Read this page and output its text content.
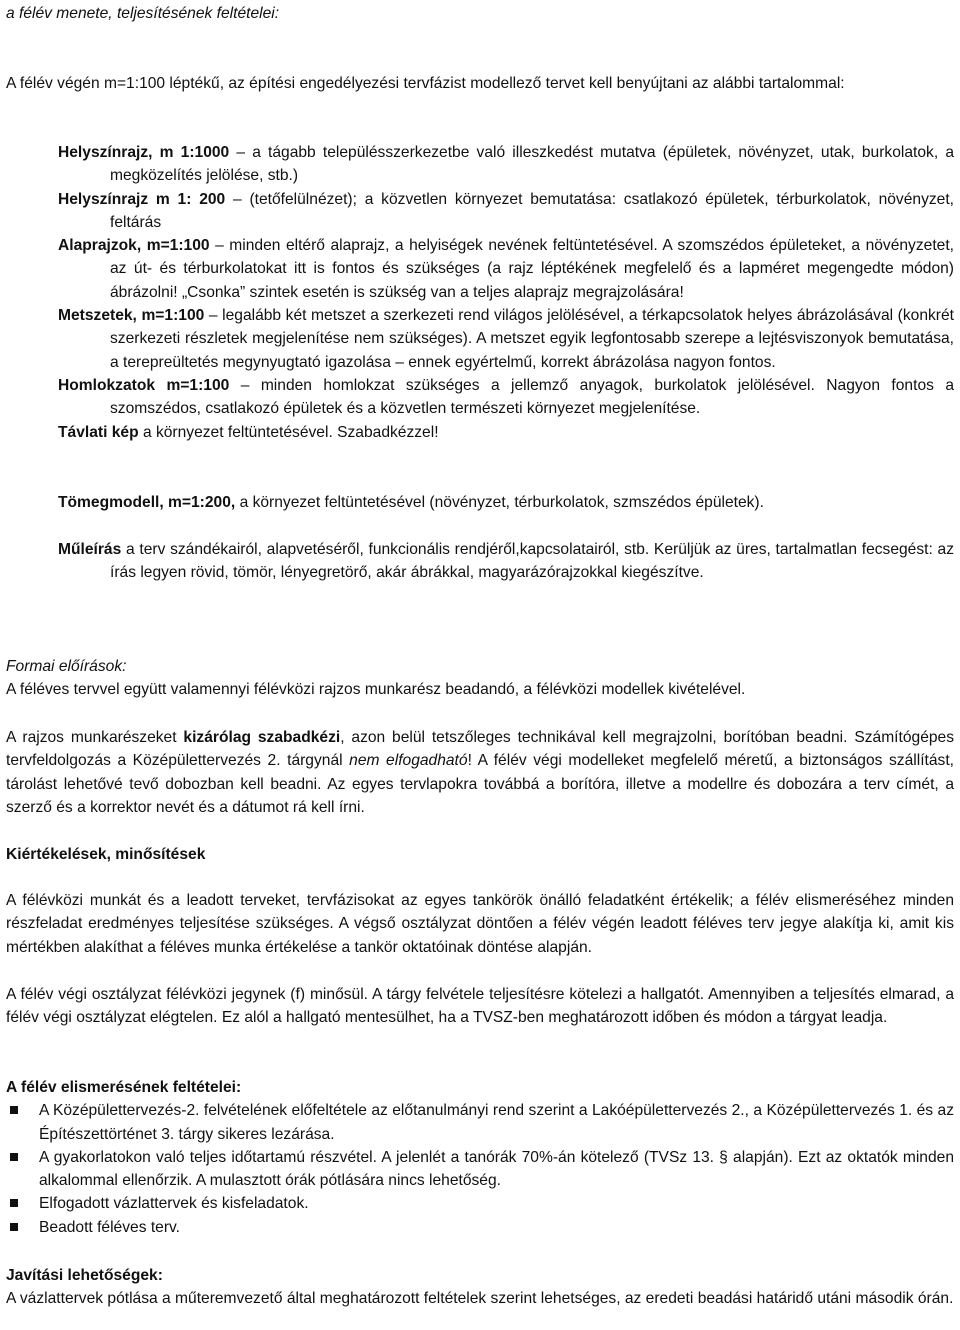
a félév menete, teljesítésének feltételei:

A félév végén m=1:100 léptékű, az építési engedélyezési tervfázist modellező tervet kell benyújtani az alábbi tartalommal:

Helyszínrajz, m 1:1000 – a tágabb településszerkezetbe való illeszkedést mutatva (épületek, növényzet, utak, burkolatok, a megközelítés jelölése, stb.)

Helyszínrajz m 1: 200 – (tetőfelülnézet); a közvetlen környezet bemutatása: csatlakozó épületek, térburkolatok, növényzet, feltárás

Alaprajzok, m=1:100 – minden eltérő alaprajz, a helyiségek nevének feltüntetésével. A szomszédos épületeket, a növényzetet, az út- és térburkolatokat itt is fontos és szükséges (a rajz léptékének megfelelő és a lapméret megengedte módon) ábrázolni! „Csonka” szintek esetén is szükség van a teljes alaprajz megrajzolására!

Metszetek, m=1:100 – legalább két metszet a szerkezeti rend világos jelölésével, a térkapcsolatok helyes ábrázolásával (konkrét szerkezeti részletek megjelenítése nem szükséges). A metszet egyik legfontosabb szerepe a lejtésviszonyok bemutatása, a terepreültetés megynyugtató igazolása – ennek egyértelmű, korrekt ábrázolása nagyon fontos.

Homlokzatok m=1:100 – minden homlokzat szükséges a jellemző anyagok, burkolatok jelölésével. Nagyon fontos a szomszédos, csatlakozó épületek és a közvetlen természeti környezet megjelenítése.

Távlati kép a környezet feltüntetésével. Szabadkézzel!

Tömegmodell, m=1:200, a környezet feltüntetésével (növényzet, térburkolatok, szmszédos épületek).

Műleírás a terv szándékairól, alapvetéséről, funkcionális rendjéről,kapcsolatairól, stb. Kerüljük az üres, tartalmatlan fecsegést: az írás legyen rövid, tömör, lényegretörő, akár ábrákkal, magyarázórajzokkal kiegészítve.

Formai előírások:

A féléves tervvel együtt valamennyi félévközi rajzos munkarész beadandó, a félévközi modellek kivételével.

A rajzos munkarészeket kizárólag szabadkézi, azon belül tetszőleges technikával kell megrajzolni, borítóban beadni. Számítógépes tervfeldolgozás a Középülettervezés 2. tárgynál nem elfogadható! A félév végi modelleket megfelelő méretű, a biztonságos szállítást, tárolást lehetővé tevő dobozban kell beadni. Az egyes tervlapokra továbbá a borítóra, illetve a modellre és dobozára a terv címét, a szerző és a korrektor nevét és a dátumot rá kell írni.

Kiértékelések, minősítések

A félévközi munkát és a leadott terveket, tervfázisokat az egyes tankörök önálló feladatként értékelik; a félév elismeréséhez minden részfeladat eredményes teljesítése szükséges. A végső osztályzat döntően a félév végén leadott féléves terv jegye alakítja ki, amit kis mértékben alakíthat a féléves munka értékelése a tankör oktatóinak döntése alapján.

A félév végi osztályzat félévközi jegynek (f) minősül. A tárgy felvétele teljesítésre kötelezi a hallgatót. Amennyiben a teljesítés elmarad, a félév végi osztályzat elégtelen. Ez alól a hallgató mentesülhet, ha a TVSZ-ben meghatározott időben és módon a tárgyat leadja.

A félév elismerésének feltételei:

A Középülettervezés-2. felvételének előfeltétele az előtanulmányi rend szerint a Lakóépülettervezés 2., a Középülettervezés 1. és az Építészettörténet 3. tárgy sikeres lezárása.
A gyakorlatokon való teljes időtartamú részvétel. A jelenlét a tanórák 70%-án kötelező (TVSz 13. § alapján). Ezt az oktatók minden alkalommal ellenőrzik. A mulasztott órák pótlására nincs lehetőség.
Elfogadott vázlattervek és kisfeladatok.
Beadott féléves terv.

Javítási lehetőségek:

A vázlattervek pótlása a műteremvezető által meghatározott feltételek szerint lehetséges, az eredeti beadási határidő utáni második órán.
